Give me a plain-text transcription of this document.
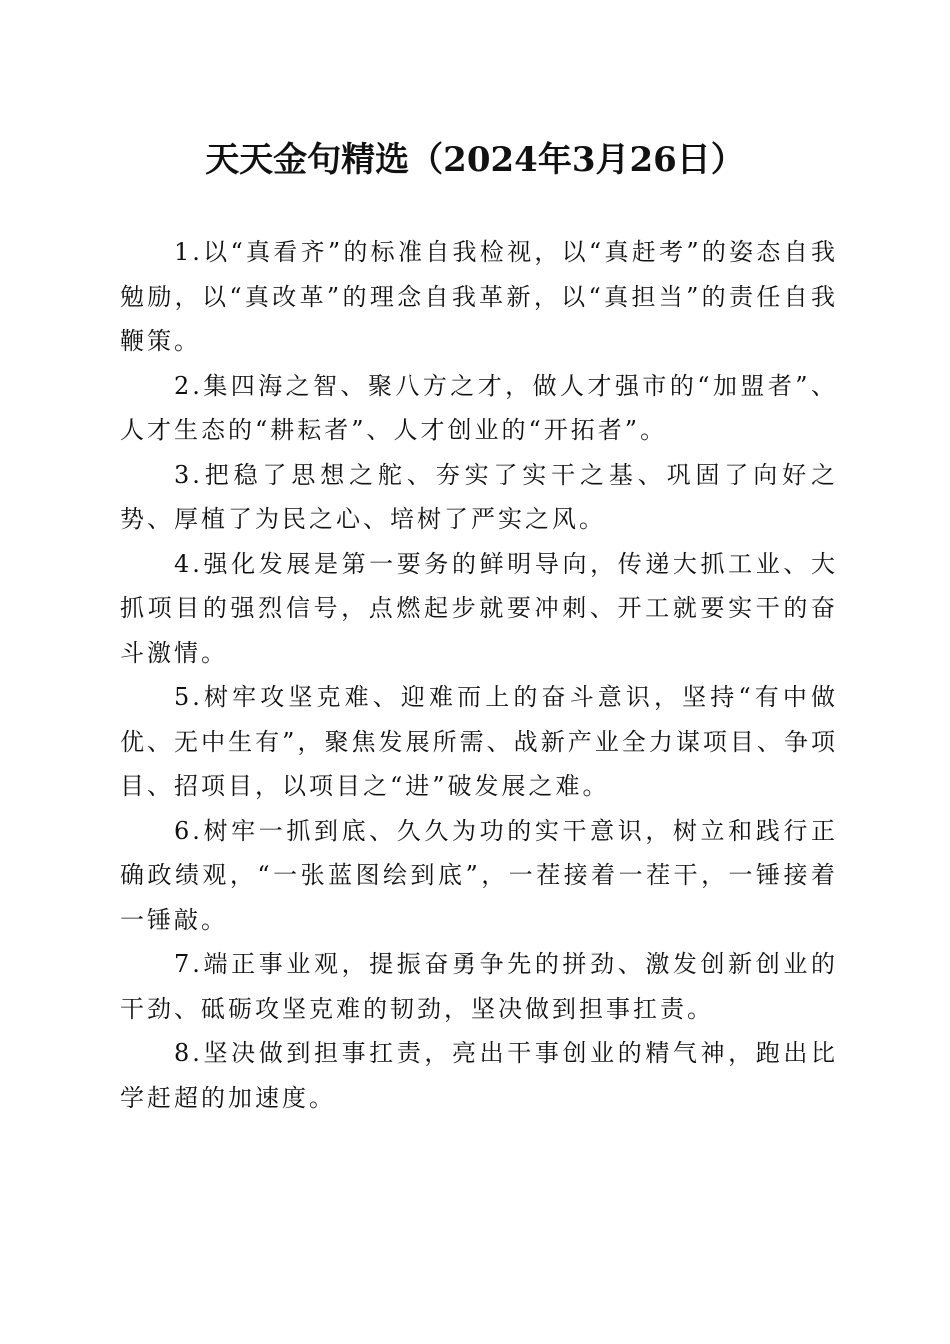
天天金句精选（2024年3月26日）

1.以“真看齐”的标准自我检视，以“真赶考”的姿态自我勉励，以“真改革”的理念自我革新，以“真担当”的责任自我鞭策。

2.集四海之智、聚八方之才，做人才强市的“加盟者”、人才生态的“耕耘者”、人才创业的“开拓者”。

3.把稳了思想之舵、夯实了实干之基、巩固了向好之势、厚植了为民之心、培树了严实之风。

4.强化发展是第一要务的鲜明导向，传递大抓工业、大抓项目的强烈信号，点燃起步就要冲刺、开工就要实干的奋斗激情。

5.树牢攻坚克难、迎难而上的奋斗意识，坚持“有中做优、无中生有”，聚焦发展所需、战新产业全力谋项目、争项目、招项目，以项目之“进”破发展之难。

6.树牢一抓到底、久久为功的实干意识，树立和践行正确政绩观，“一张蓝图绘到底”，一茬接着一茬干，一锤接着一锤敲。

7.端正事业观，提振奋勇争先的拼劲、激发创新创业的干劲、砥砺攻坚克难的韧劲，坚决做到担事扛责。

8.坚决做到担事扛责，亮出干事创业的精气神，跑出比学赶超的加速度。
